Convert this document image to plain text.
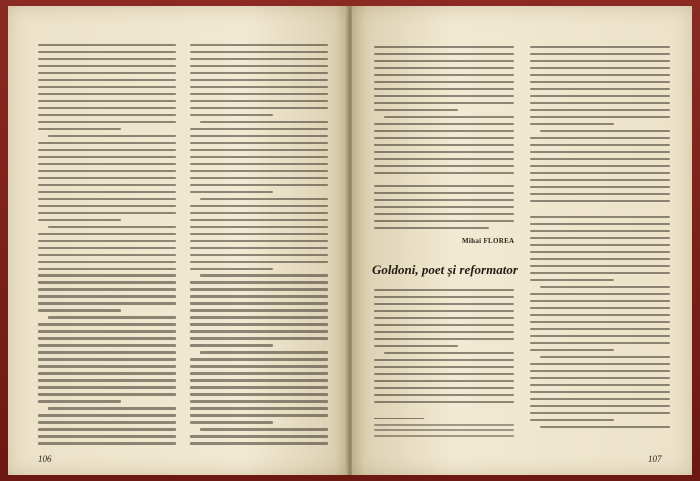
106
Mihai FLOREA
Goldoni, poet și reformator
107
